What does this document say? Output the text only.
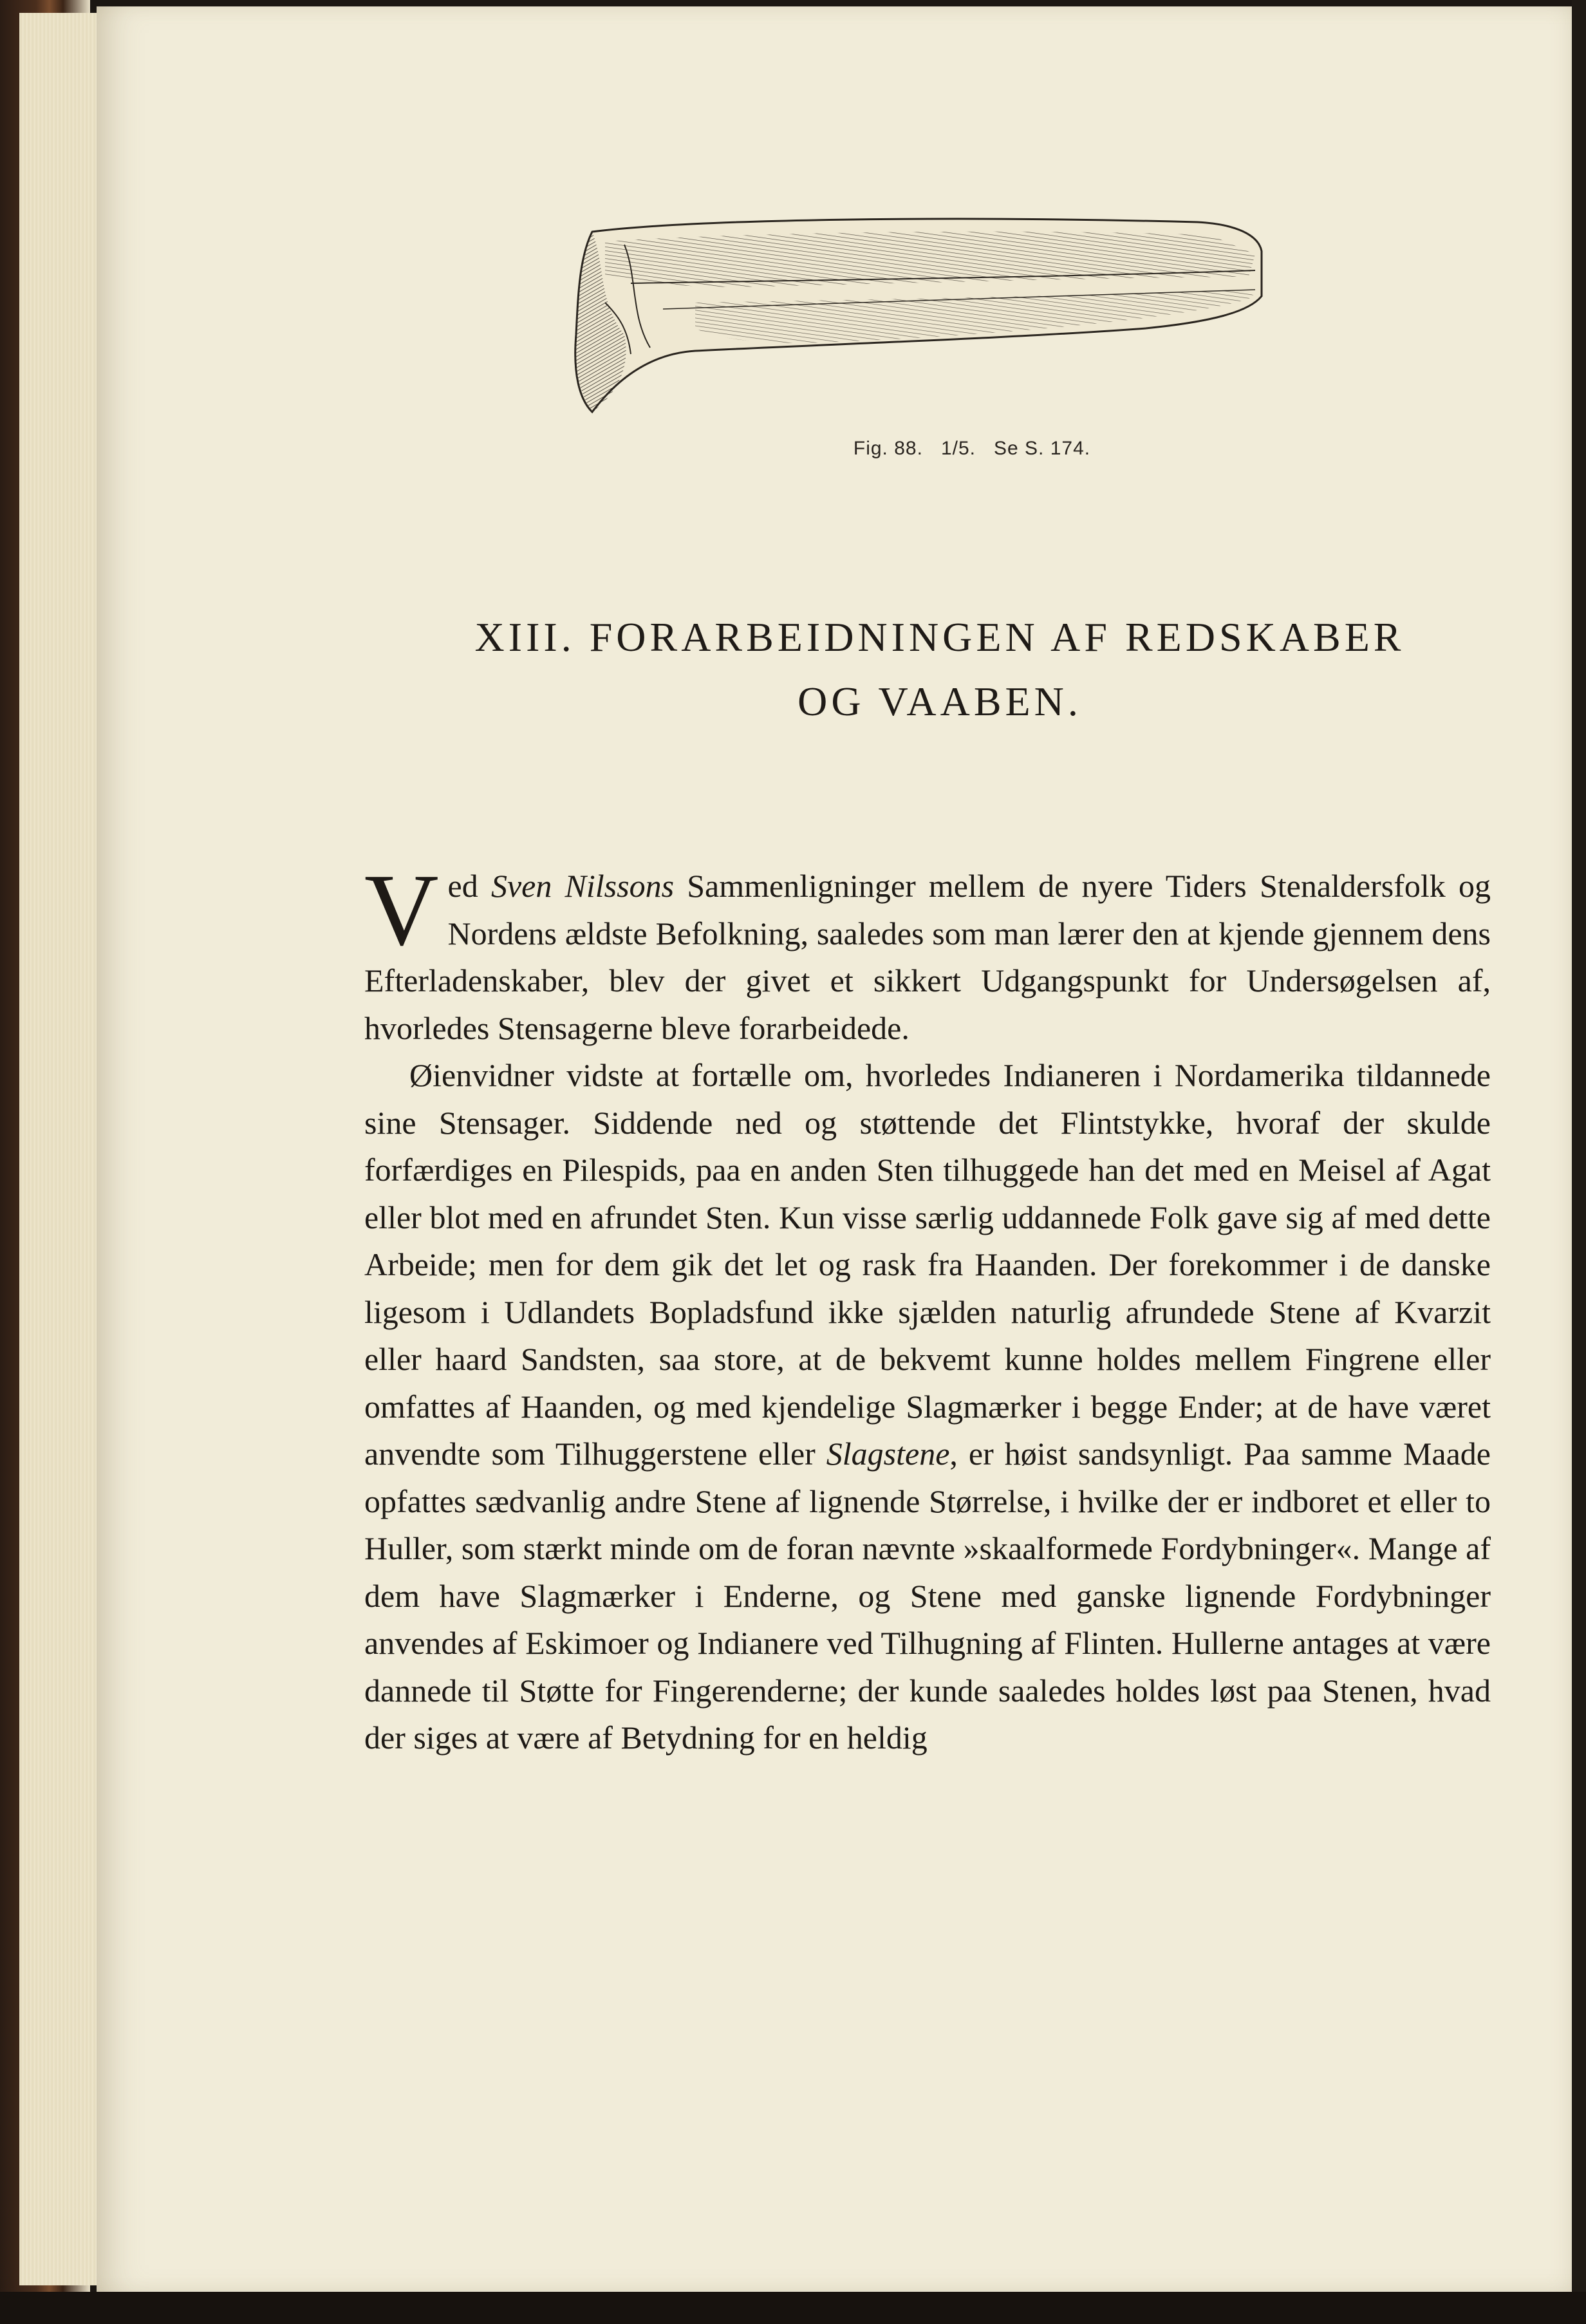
Fig. 88. 1/5. Se S. 174.
XIII. FORARBEIDNINGEN AF REDSKABER
OG VAABEN.

Ved Sven Nilssons Sammenligninger mellem de nyere Tiders Stenaldersfolk og Nordens ældste Befolkning, saaledes som man lærer den at kjende gjennem dens Efterladenskaber, blev der givet et sikkert Udgangspunkt for Undersøgelsen af, hvorledes Stensagerne bleve forarbeidede.

Øienvidner vidste at fortælle om, hvorledes Indianeren i Nordamerika tildannede sine Stensager. Siddende ned og støttende det Flintstykke, hvoraf der skulde forfærdiges en Pilespids, paa en anden Sten tilhuggede han det med en Meisel af Agat eller blot med en afrundet Sten. Kun visse særlig uddannede Folk gave sig af med dette Arbeide; men for dem gik det let og rask fra Haanden. Der forekommer i de danske ligesom i Udlandets Bopladsfund ikke sjælden naturlig afrundede Stene af Kvarzit eller haard Sandsten, saa store, at de bekvemt kunne holdes mellem Fingrene eller omfattes af Haanden, og med kjendelige Slagmærker i begge Ender; at de have været anvendte som Tilhuggerstene eller Slagstene, er høist sandsynligt. Paa samme Maade opfattes sædvanlig andre Stene af lignende Størrelse, i hvilke der er indboret et eller to Huller, som stærkt minde om de foran nævnte »skaalformede Fordybninger«. Mange af dem have Slagmærker i Enderne, og Stene med ganske lignende Fordybninger anvendes af Eskimoer og Indianere ved Tilhugning af Flinten. Hullerne antages at være dannede til Støtte for Fingerenderne; der kunde saaledes holdes løst paa Stenen, hvad der siges at være af Betydning for en heldig
